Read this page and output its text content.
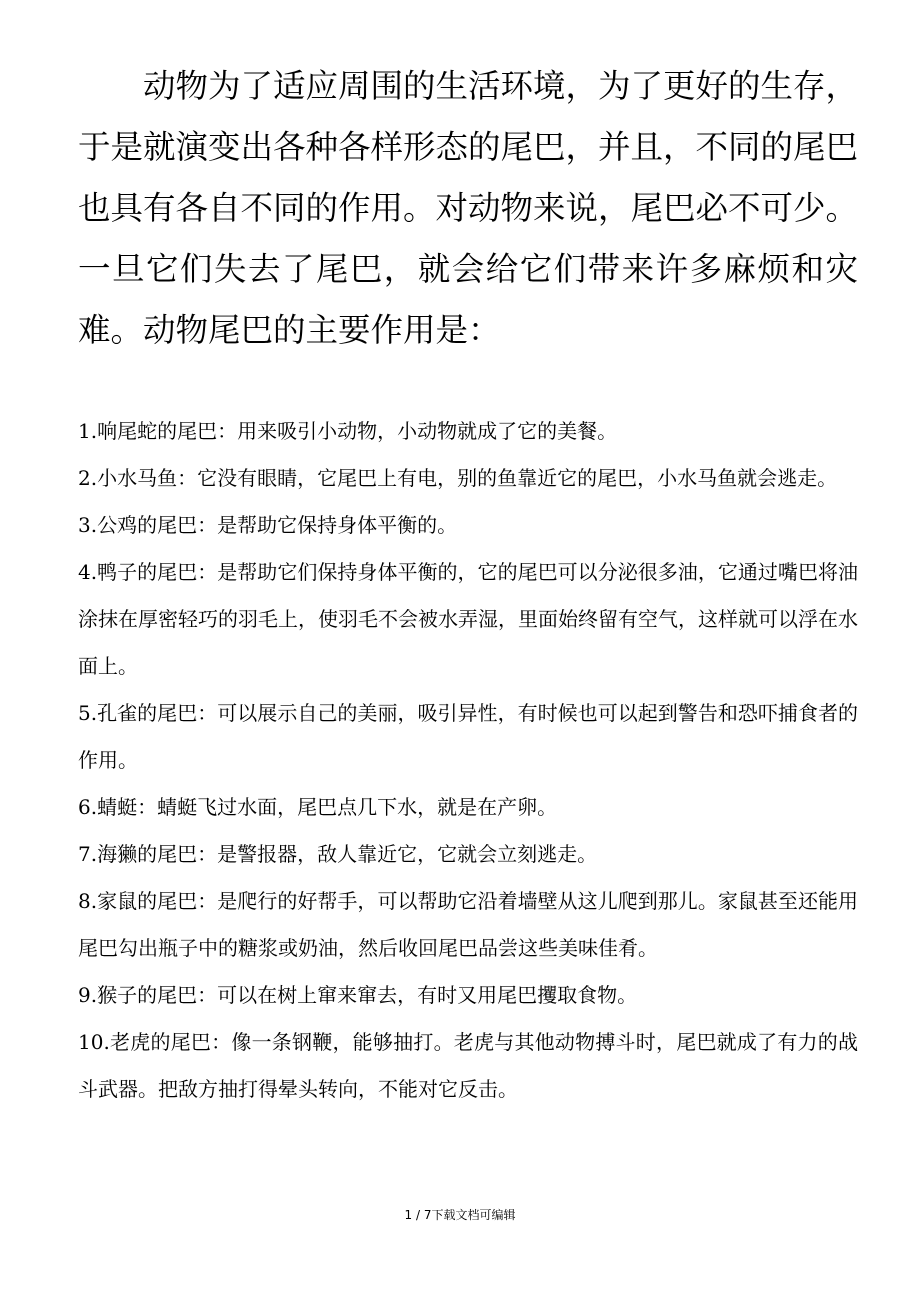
动物为了适应周围的生活环境，为了更好的生存，于是就演变出各种各样形态的尾巴，并且，不同的尾巴也具有各自不同的作用。对动物来说，尾巴必不可少。一旦它们失去了尾巴，就会给它们带来许多麻烦和灾难。动物尾巴的主要作用是：

1.响尾蛇的尾巴：用来吸引小动物，小动物就成了它的美餐。
2.小水马鱼：它没有眼睛，它尾巴上有电，别的鱼靠近它的尾巴，小水马鱼就会逃走。
3.公鸡的尾巴：是帮助它保持身体平衡的。
4.鸭子的尾巴：是帮助它们保持身体平衡的，它的尾巴可以分泌很多油，它通过嘴巴将油涂抹在厚密轻巧的羽毛上，使羽毛不会被水弄湿，里面始终留有空气，这样就可以浮在水面上。
5.孔雀的尾巴：可以展示自己的美丽，吸引异性，有时候也可以起到警告和恐吓捕食者的作用。
6.蜻蜓：蜻蜓飞过水面，尾巴点几下水，就是在产卵。
7.海獭的尾巴：是警报器，敌人靠近它，它就会立刻逃走。
8.家鼠的尾巴：是爬行的好帮手，可以帮助它沿着墙壁从这儿爬到那儿。家鼠甚至还能用尾巴勾出瓶子中的糖浆或奶油，然后收回尾巴品尝这些美味佳肴。
9.猴子的尾巴：可以在树上窜来窜去，有时又用尾巴攫取食物。
10.老虎的尾巴：像一条钢鞭，能够抽打。老虎与其他动物搏斗时，尾巴就成了有力的战斗武器。把敌方抽打得晕头转向，不能对它反击。
1 / 7下载文档可编辑
